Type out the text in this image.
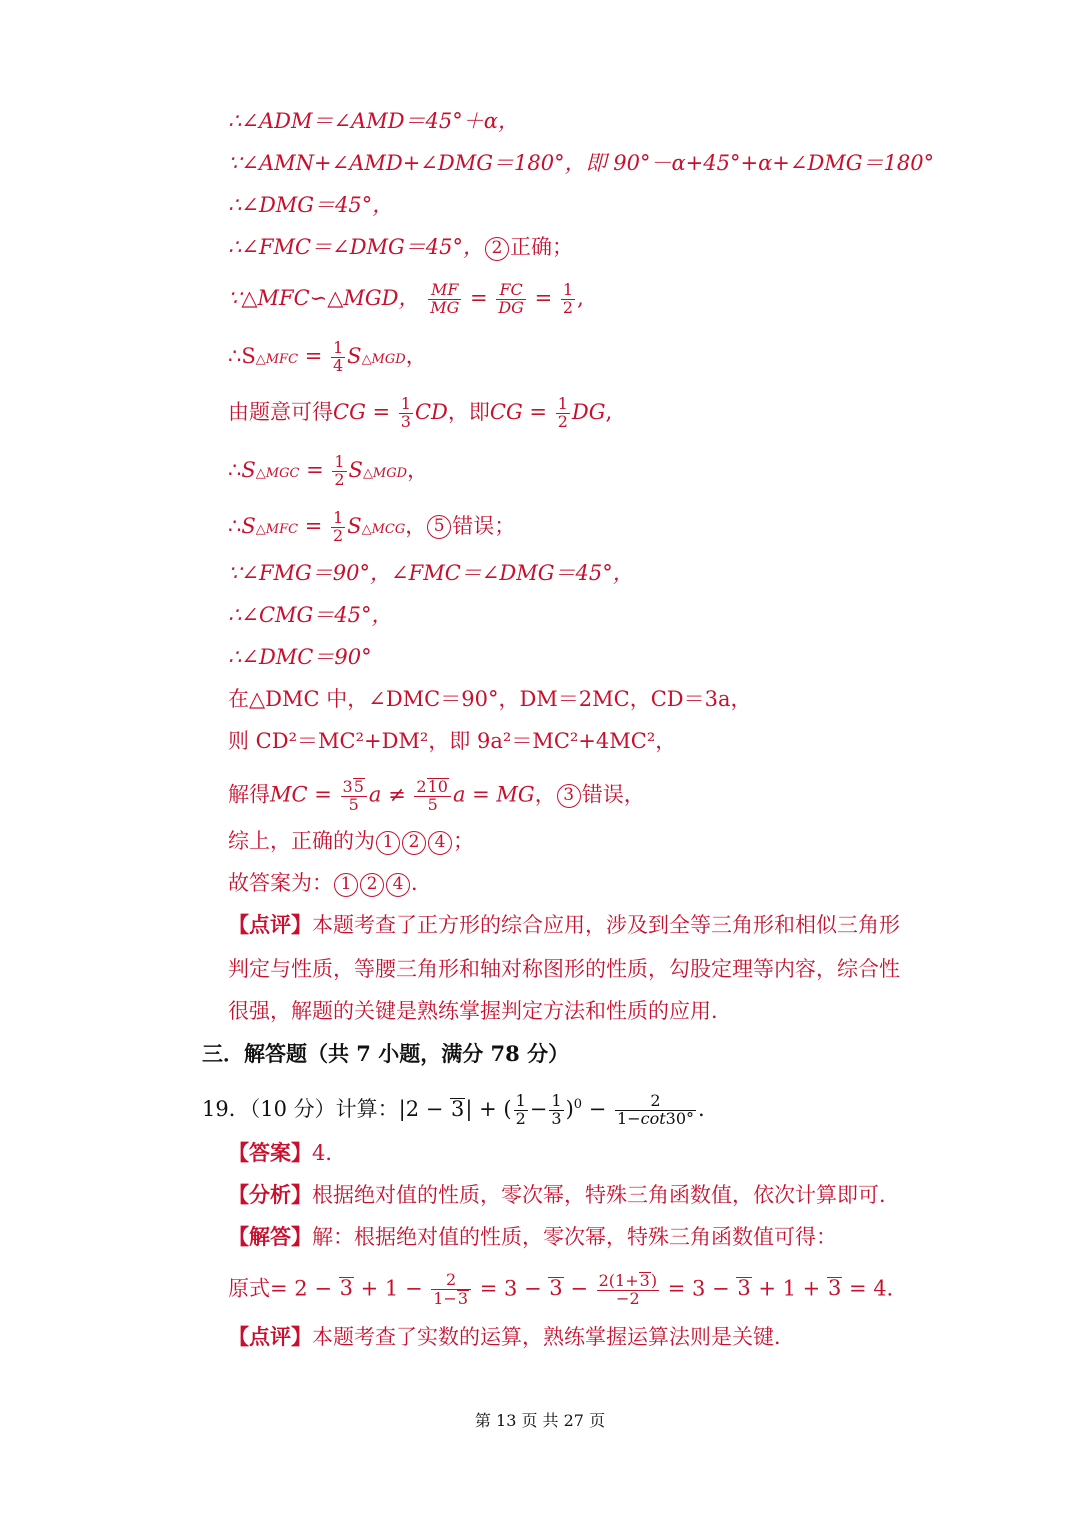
∴∠ADM＝∠AMD＝45°＋α，
∵∠AMN+∠AMD+∠DMG＝180°，即 90°－α+45°+α+∠DMG＝180°
∴∠DMG＝45°，
∴∠FMC＝∠DMG＝45°， 2 正确；
∵△MFC∽△MGD， $\frac{MF}{MG} = \frac{FC}{DG} = \frac{1}{2}$ ,
∴S△MFC = $\frac{1}{4}$ S△MGD，
由题意可得CG = $\frac{1}{3}$ CD，即CG = $\frac{1}{2}$ DG,
∴S△MGC = $\frac{1}{2}$ S△MGD，
∴S△MFC = $\frac{1}{2}$ S△MCG， 5 错误；
∵∠FMG＝90°，∠FMC＝∠DMG＝45°，
∴∠CMG＝45°，
∴∠DMC＝90°
在△DMC 中，∠DMC＝90°，DM＝2MC，CD＝3a，
则 CD²＝MC²+DM²，即 9a²＝MC²+4MC²，
解得MC = $\frac{35}{5}$ $a \ne \frac{210}{5}$ a = MG， 3 错误，
综上，正确的为 1 2 4 ；
故答案为： 1 2 4 ．
【点评】本题考查了正方形的综合应用，涉及到全等三角形和相似三角形
判定与性质，等腰三角形和轴对称图形的性质，勾股定理等内容，综合性
很强，解题的关键是熟练掌握判定方法和性质的应用．
三．解答题（共 7 小题，满分 78 分）
19．（10 分）计算：|2 − 3| + ( $\frac{1}{2} - \frac{1}{3} )^0 - \frac{2}{1-\cot 30^\circ}$ .
【答案】4．
【分析】根据绝对值的性质，零次幂，特殊三角函数值，依次计算即可．
【解答】解：根据绝对值的性质，零次幂，特殊三角函数值可得：
原式= $2 - 3 + 1 - \frac{2}{1-3} = 3 - 3 - \frac{2(1+3)}{-2} = 3 - 3 + 1 + 3 = 4$．
【点评】本题考查了实数的运算，熟练掌握运算法则是关键．
第 13 页 共 27 页
